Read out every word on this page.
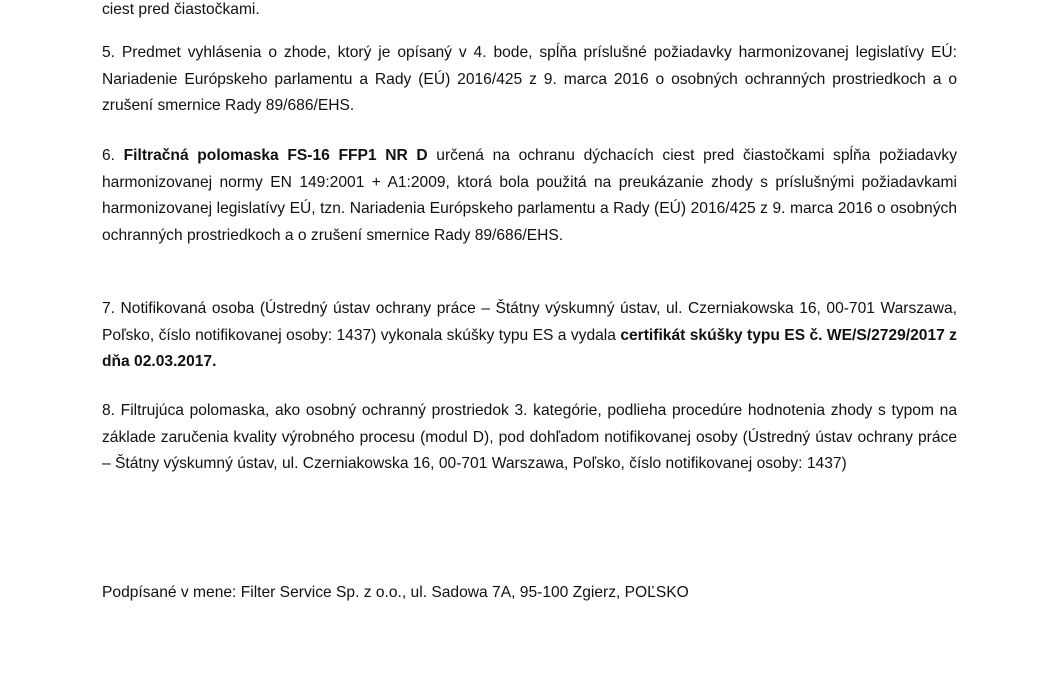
ciest pred čiastočkami.
5. Predmet vyhlásenia o zhode, ktorý je opísaný v 4. bode, spĺňa príslušné požiadavky harmonizovanej legislatívy EÚ: Nariadenie Európskeho parlamentu a Rady (EÚ) 2016/425 z 9. marca 2016 o osobných ochranných prostriedkoch a o zrušení smernice Rady 89/686/EHS.
6. Filtračná polomaska FS-16 FFP1 NR D určená na ochranu dýchacích ciest pred čiastočkami spĺňa požiadavky harmonizovanej normy EN 149:2001 + A1:2009, ktorá bola použitá na preukázanie zhody s príslušnými požiadavkami harmonizovanej legislatívy EÚ, tzn. Nariadenia Európskeho parlamentu a Rady (EÚ) 2016/425 z 9. marca 2016 o osobných ochranných prostriedkoch a o zrušení smernice Rady 89/686/EHS.
7. Notifikovaná osoba (Ústredný ústav ochrany práce – Štátny výskumný ústav, ul. Czerniakowska 16, 00-701 Warszawa, Poľsko, číslo notifikovanej osoby: 1437) vykonala skúšky typu ES a vydala certifikát skúšky typu ES č. WE/S/2729/2017 z dňa 02.03.2017.
8. Filtrujúca polomaska, ako osobný ochranný prostriedok 3. kategórie, podlieha procedúre hodnotenia zhody s typom na základe zaručenia kvality výrobného procesu (modul D), pod dohľadom notifikovanej osoby (Ústredný ústav ochrany práce – Štátny výskumný ústav, ul. Czerniakowska 16, 00-701 Warszawa, Poľsko, číslo notifikovanej osoby: 1437)
Podpísané v mene: Filter Service Sp. z o.o., ul. Sadowa 7A, 95-100 Zgierz, POĽSKO
